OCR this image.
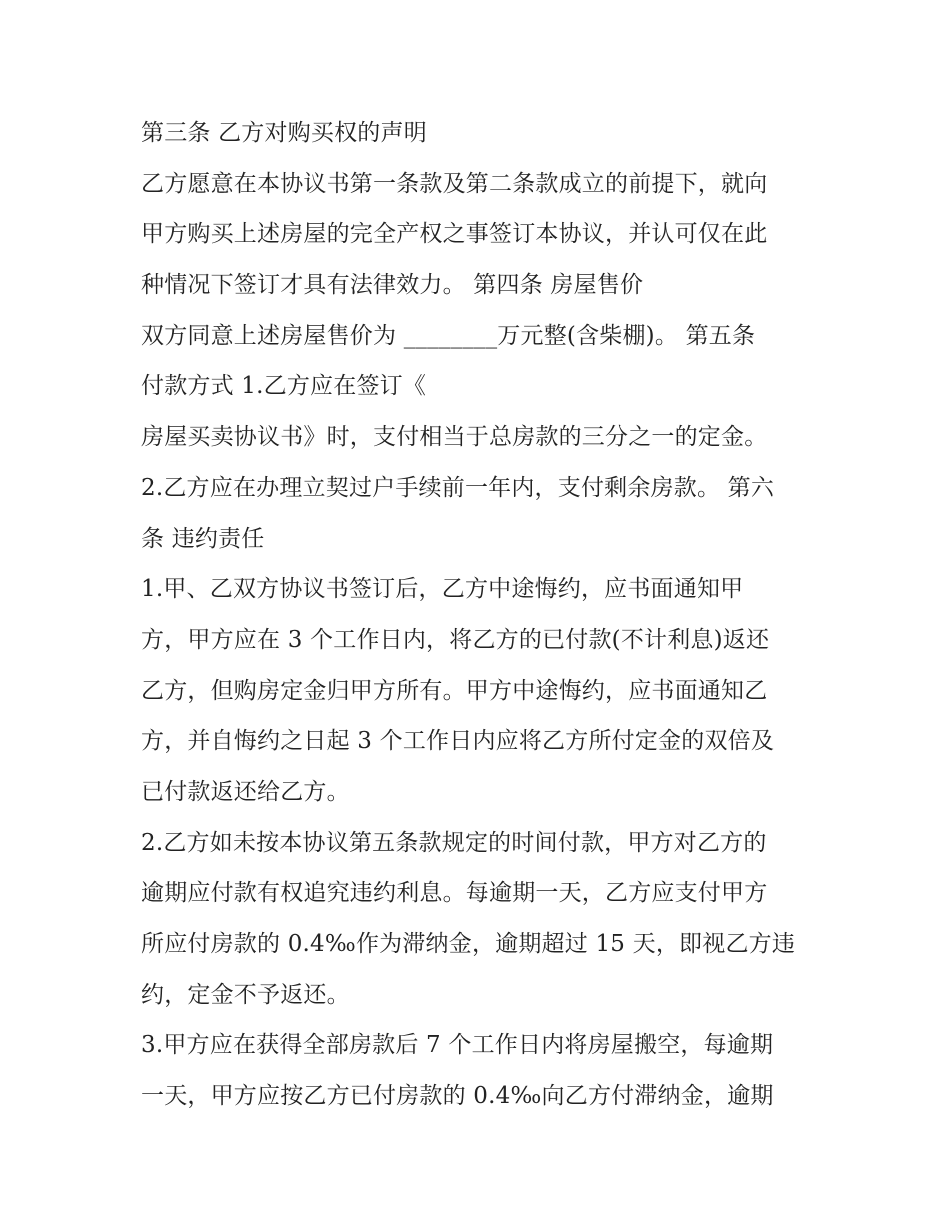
第三条 乙方对购买权的声明
乙方愿意在本协议书第一条款及第二条款成立的前提下，就向
甲方购买上述房屋的完全产权之事签订本协议，并认可仅在此
种情况下签订才具有法律效力。 第四条 房屋售价
双方同意上述房屋售价为 ________万元整(含柴棚)。 第五条
付款方式 1.乙方应在签订《
房屋买卖协议书》时，支付相当于总房款的三分之一的定金。
2.乙方应在办理立契过户手续前一年内，支付剩余房款。 第六
条 违约责任
1.甲、乙双方协议书签订后，乙方中途悔约，应书面通知甲
方，甲方应在 3 个工作日内，将乙方的已付款(不计利息)返还
乙方，但购房定金归甲方所有。甲方中途悔约，应书面通知乙
方，并自悔约之日起 3 个工作日内应将乙方所付定金的双倍及
已付款返还给乙方。
2.乙方如未按本协议第五条款规定的时间付款，甲方对乙方的
逾期应付款有权追究违约利息。每逾期一天，乙方应支付甲方
所应付房款的 0.4‰作为滞纳金，逾期超过 15 天，即视乙方违
约，定金不予返还。
3.甲方应在获得全部房款后 7 个工作日内将房屋搬空，每逾期
一天，甲方应按乙方已付房款的 0.4‰向乙方付滞纳金，逾期
